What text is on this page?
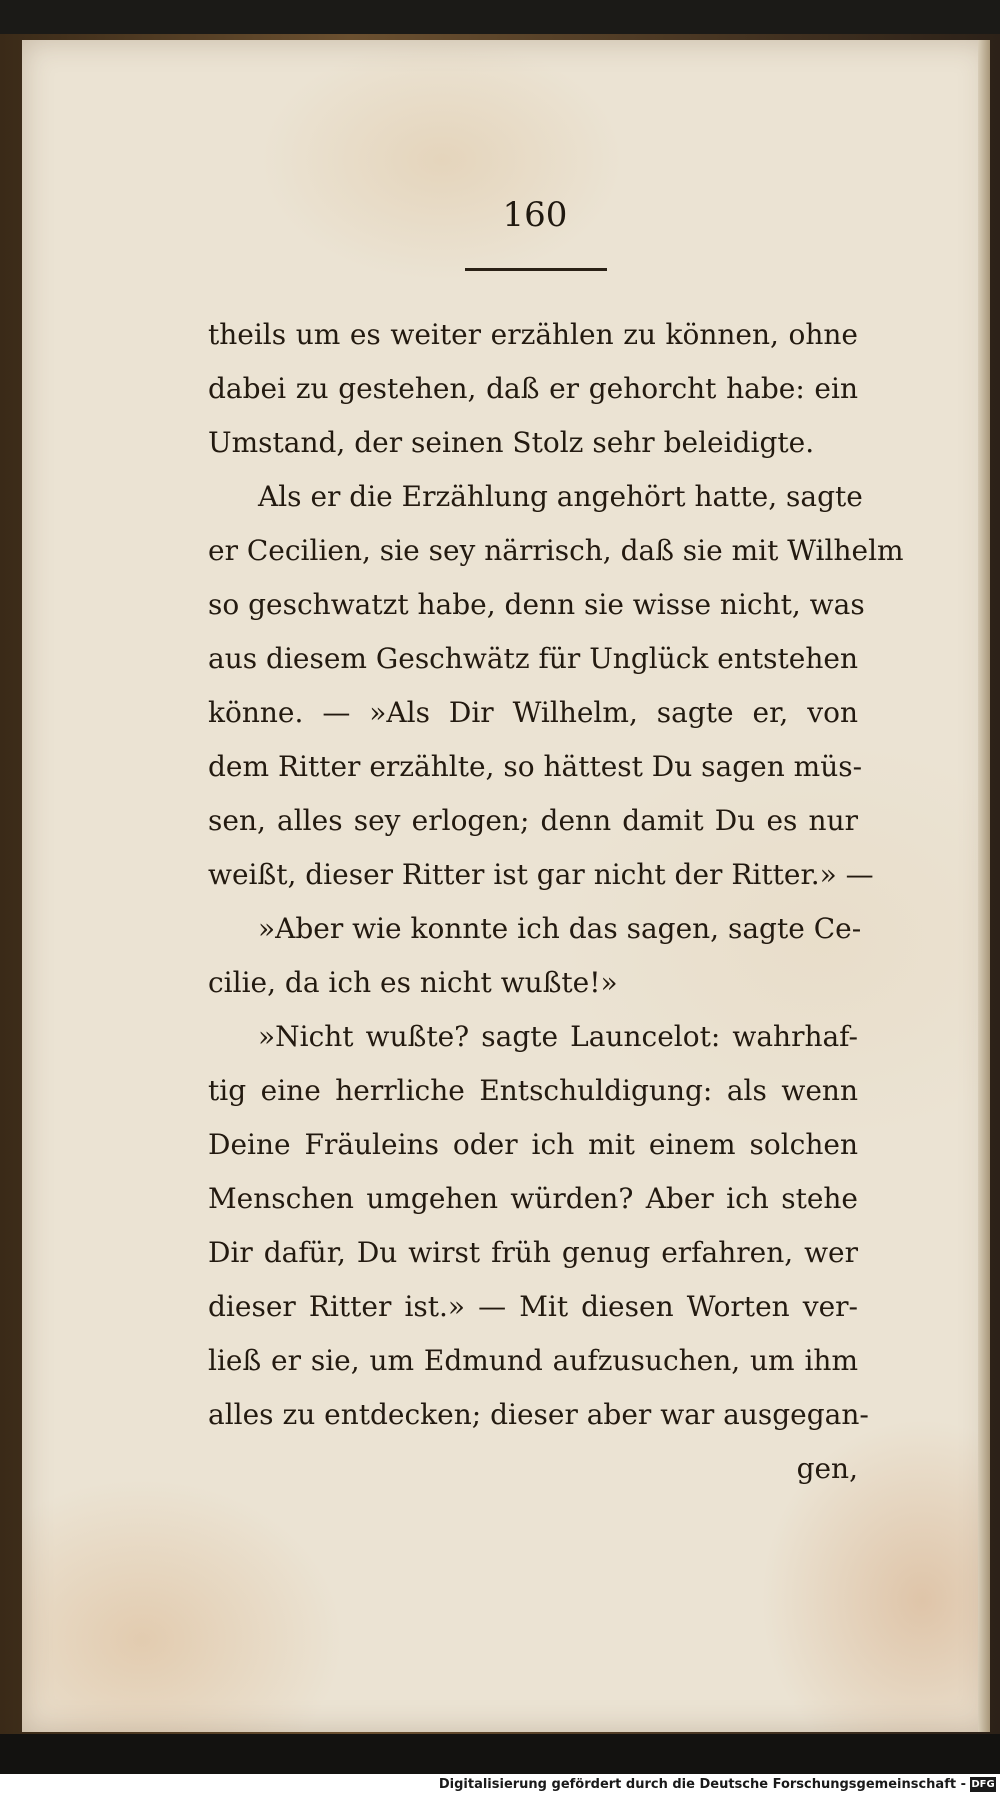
160
theils um es weiter erzählen zu können, ohne
dabei zu gestehen, daß er gehorcht habe: ein
Umstand, der seinen Stolz sehr beleidigte.
Als er die Erzählung angehört hatte, sagte
er Cecilien, sie sey närrisch, daß sie mit Wilhelm
so geschwatzt habe, denn sie wisse nicht, was
aus diesem Geschwätz für Unglück entstehen
könne. — »Als Dir Wilhelm, sagte er, von
dem Ritter erzählte, so hättest Du sagen müs-
sen, alles sey erlogen; denn damit Du es nur
weißt, dieser Ritter ist gar nicht der Ritter.» —
»Aber wie konnte ich das sagen, sagte Ce-
cilie, da ich es nicht wußte!»
»Nicht wußte? sagte Launcelot: wahrhaf-
tig eine herrliche Entschuldigung: als wenn
Deine Fräuleins oder ich mit einem solchen
Menschen umgehen würden? Aber ich stehe
Dir dafür, Du wirst früh genug erfahren, wer
dieser Ritter ist.» — Mit diesen Worten ver-
ließ er sie, um Edmund aufzusuchen, um ihm
alles zu entdecken; dieser aber war ausgegan-
gen,
Digitalisierung gefördert durch die Deutsche Forschungsgemeinschaft - DFG
